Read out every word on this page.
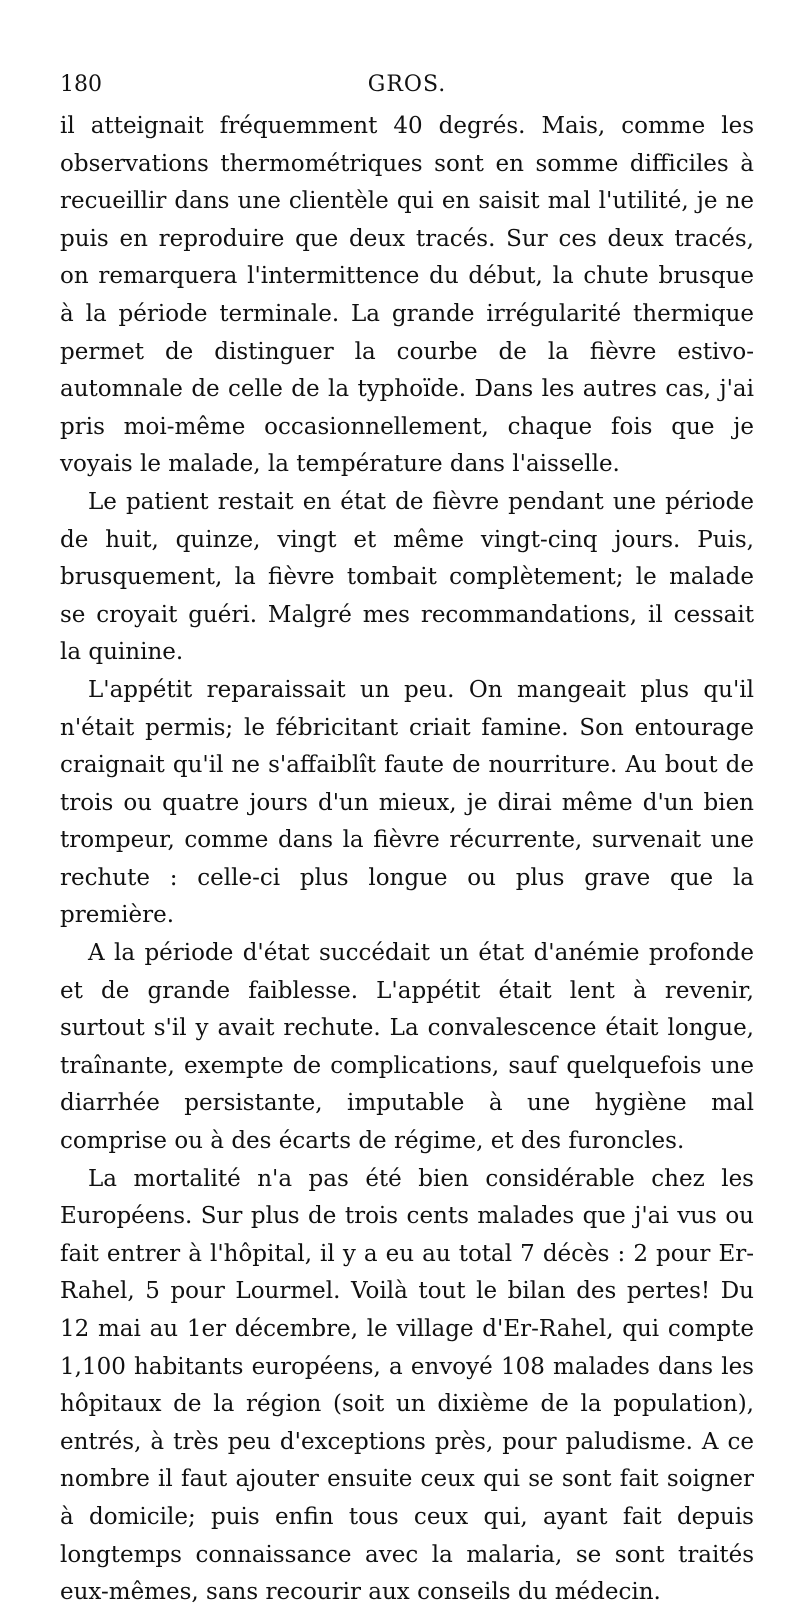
180	GROS.

il atteignait fréquemment 40 degrés. Mais, comme les observations thermométriques sont en somme difficiles à recueillir dans une clientèle qui en saisit mal l'utilité, je ne puis en reproduire que deux tracés. Sur ces deux tracés, on remarquera l'intermittence du début, la chute brusque à la période terminale. La grande irrégularité thermique permet de distinguer la courbe de la fièvre estivo-automnale de celle de la typhoïde. Dans les autres cas, j'ai pris moi-même occasionnellement, chaque fois que je voyais le malade, la température dans l'aisselle.

Le patient restait en état de fièvre pendant une période de huit, quinze, vingt et même vingt-cinq jours. Puis, brusquement, la fièvre tombait complètement; le malade se croyait guéri. Malgré mes recommandations, il cessait la quinine.

L'appétit reparaissait un peu. On mangeait plus qu'il n'était permis; le fébricitant criait famine. Son entourage craignait qu'il ne s'affaiblît faute de nourriture. Au bout de trois ou quatre jours d'un mieux, je dirai même d'un bien trompeur, comme dans la fièvre récurrente, survenait une rechute : celle-ci plus longue ou plus grave que la première.

A la période d'état succédait un état d'anémie profonde et de grande faiblesse. L'appétit était lent à revenir, surtout s'il y avait rechute. La convalescence était longue, traînante, exempte de complications, sauf quelquefois une diarrhée persistante, imputable à une hygiène mal comprise ou à des écarts de régime, et des furoncles.

La mortalité n'a pas été bien considérable chez les Européens. Sur plus de trois cents malades que j'ai vus ou fait entrer à l'hôpital, il y a eu au total 7 décès : 2 pour Er-Rahel, 5 pour Lourmel. Voilà tout le bilan des pertes! Du 12 mai au 1er décembre, le village d'Er-Rahel, qui compte 1,100 habitants européens, a envoyé 108 malades dans les hôpitaux de la région (soit un dixième de la population), entrés, à très peu d'exceptions près, pour paludisme. A ce nombre il faut ajouter ensuite ceux qui se sont fait soigner à domicile; puis enfin tous ceux qui, ayant fait depuis longtemps connaissance avec la malaria, se sont traités eux-mêmes, sans recourir aux conseils du médecin.
